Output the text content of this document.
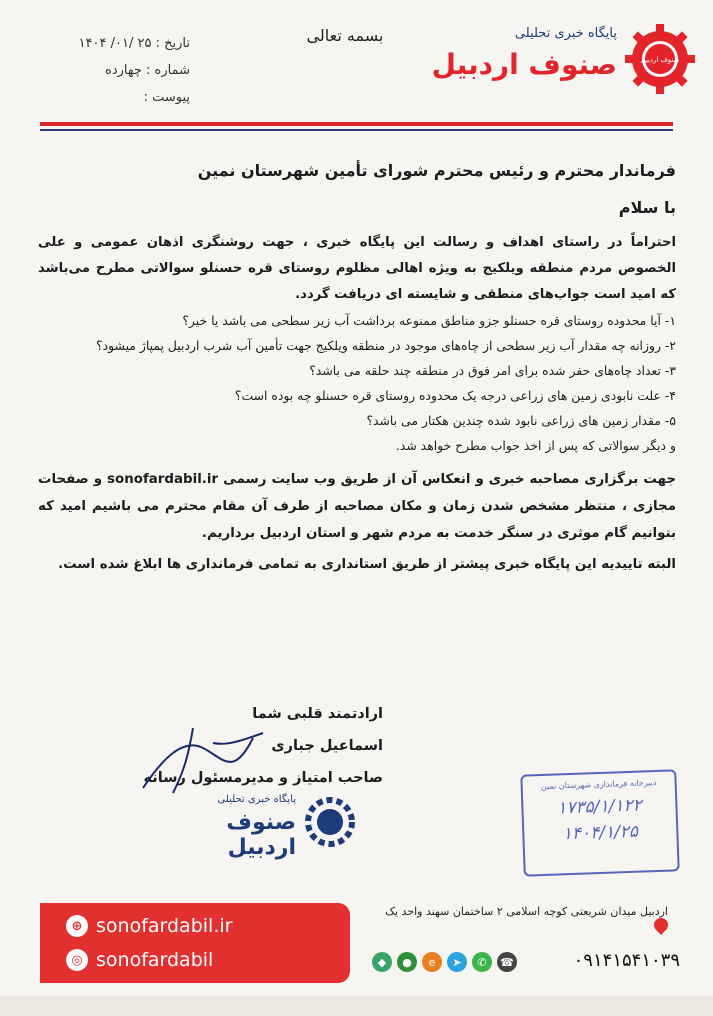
صنوف اردبیل
پایگاه خبری تحلیلی
صنوف اردبیل
بسمه تعالی
تاریخ : ۲۵ /۰۱/ ۱۴۰۴
شماره : چهارده
پیوست :

فرماندار محترم و رئیس محترم شورای تأمین شهرستان نمین

با سلام

احتراماً در راستای اهداف و رسالت این پایگاه خبری ، جهت روشنگری اذهان عمومی و علی الخصوص مردم منطقه ویلکیج به ویژه اهالی مظلوم روستای قره حسنلو سوالاتی مطرح می‌باشد که امید است جواب‌های منطقی و شایسته ای دریافت گردد.

۱- آیا محدوده روستای قره حسنلو جزو مناطق ممنوعه برداشت آب زیر سطحی می باشد یا خیر؟

۲- روزانه چه مقدار آب زیر سطحی از چاه‌های موجود در منطقه ویلکیج جهت تأمین آب شرب اردبیل پمپاژ میشود؟

۳- تعداد چاه‌های حفر شده برای امر فوق در منطقه چند حلقه می باشد؟

۴- علت نابودی زمین های زراعی درجه یک محدوده روستای قره حسنلو چه بوده است؟

۵- مقدار زمین های زراعی نابود شده چندین هکتار می باشد؟

و دیگر سوالاتی که پس از اخذ جواب مطرح خواهد شد.

جهت برگزاری مصاحبه خبری و انعکاس آن از طریق وب سایت رسمی sonofardabil.ir و صفحات مجازی ، منتظر مشخص شدن زمان و مکان مصاحبه از طرف آن مقام محترم می باشیم امید که بتوانیم گام موثری در سنگر خدمت به مردم شهر و استان اردبیل برداریم.

البته تاییدیه این پایگاه خبری پیشتر از طریق استانداری به تمامی فرمانداری ها ابلاغ شده است.

ارادتمند قلبی شما
اسماعیل جباری
صاحب امتیاز و مدیرمسئول رسانه
پایگاه خبری تحلیلی
صنوف اردبیل
دبیرخانه فرمانداری شهرستان نمین
۱۷۳۵/۱/۱۲۲
۱۴۰۴/۱/۲۵
⊕ sonofardabil.ir
◎ sonofardabil
اردبیل میدان شریعتی کوچه اسلامی ۲ ساختمان سهند واحد یک
◆	●	e	➤	✆	☎	۰۹۱۴۱۵۴۱۰۳۹
